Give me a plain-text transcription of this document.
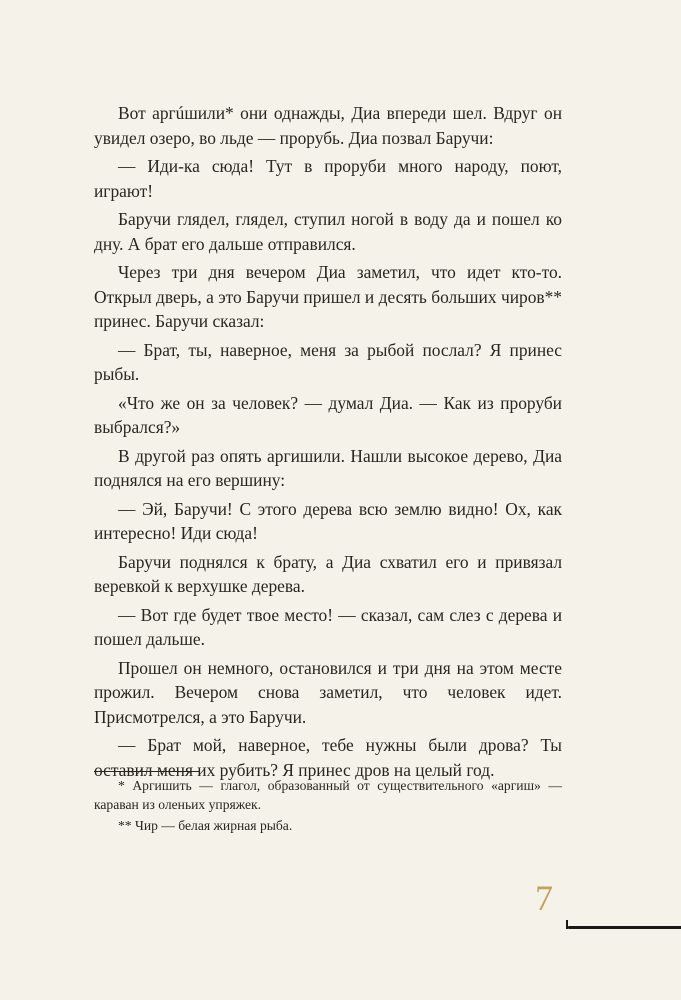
Вот аргúшили* они однажды, Диа впереди шел. Вдруг он увидел озеро, во льде — прорубь. Диа позвал Баручи:

— Иди-ка сюда! Тут в проруби много народу, поют, играют!

Баручи глядел, глядел, ступил ногой в воду да и пошел ко дну. А брат его дальше отправился.

Через три дня вечером Диа заметил, что идет кто-то. Открыл дверь, а это Баручи пришел и десять больших чиров** принес. Баручи сказал:

— Брат, ты, наверное, меня за рыбой послал? Я принес рыбы.

«Что же он за человек? — думал Диа. — Как из проруби выбрался?»

В другой раз опять аргишили. Нашли высокое дерево, Диа поднялся на его вершину:

— Эй, Баручи! С этого дерева всю землю видно! Ох, как интересно! Иди сюда!

Баручи поднялся к брату, а Диа схватил его и привязал веревкой к верхушке дерева.

— Вот где будет твое место! — сказал, сам слез с дерева и пошел дальше.

Прошел он немного, остановился и три дня на этом месте прожил. Вечером снова заметил, что человек идет. Присмотрелся, а это Баручи.

— Брат мой, наверное, тебе нужны были дрова? Ты оставил меня их рубить? Я принес дров на целый год.

* Аргишить — глагол, образованный от существительного «аргиш» — караван из оленьих упряжек.

** Чир — белая жирная рыба.

7
